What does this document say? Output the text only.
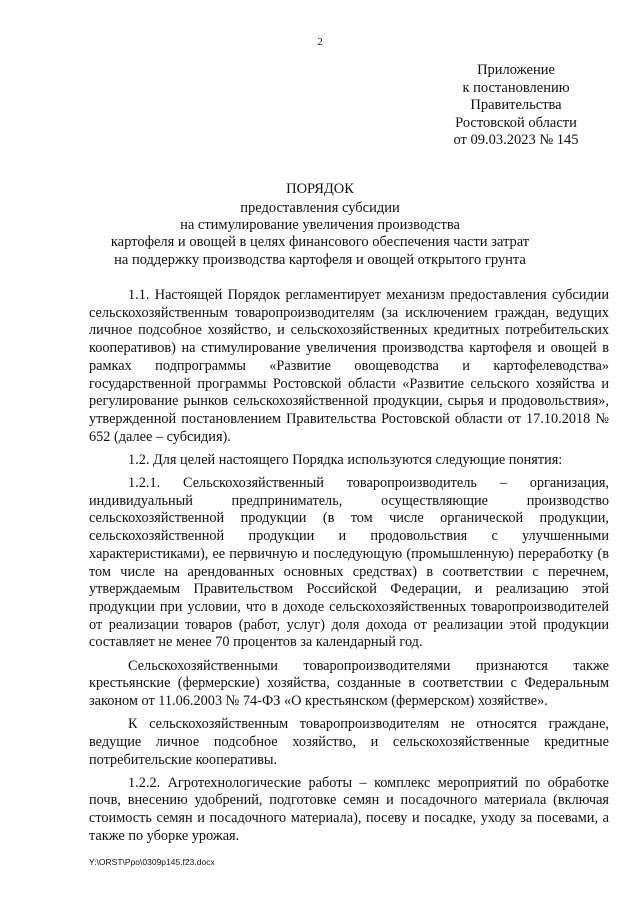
2
Приложение
к постановлению
Правительства
Ростовской области
от 09.03.2023 № 145
ПОРЯДОК
предоставления субсидии
на стимулирование увеличения производства
картофеля и овощей в целях финансового обеспечения части затрат
на поддержку производства картофеля и овощей открытого грунта

1.1. Настоящей Порядок регламентирует механизм предоставления субсидии сельскохозяйственным товаропроизводителям (за исключением граждан, ведущих личное подсобное хозяйство, и сельскохозяйственных кредитных потребительских кооперативов) на стимулирование увеличения производства картофеля и овощей в рамках подпрограммы «Развитие овощеводства и картофелеводства» государственной программы Ростовской области «Развитие сельского хозяйства и регулирование рынков сельскохозяйственной продукции, сырья и продовольствия», утвержденной постановлением Правительства Ростовской области от 17.10.2018 № 652 (далее – субсидия).

1.2. Для целей настоящего Порядка используются следующие понятия:

1.2.1. Сельскохозяйственный товаропроизводитель – организация, индивидуальный предприниматель, осуществляющие производство сельскохозяйственной продукции (в том числе органической продукции, сельскохозяйственной продукции и продовольствия с улучшенными характеристиками), ее первичную и последующую (промышленную) переработку (в том числе на арендованных основных средствах) в соответствии с перечнем, утверждаемым Правительством Российской Федерации, и реализацию этой продукции при условии, что в доходе сельскохозяйственных товаропроизводителей от реализации товаров (работ, услуг) доля дохода от реализации этой продукции составляет не менее 70 процентов за календарный год.

Сельскохозяйственными товаропроизводителями признаются также крестьянские (фермерские) хозяйства, созданные в соответствии с Федеральным законом от 11.06.2003 № 74-ФЗ «О крестьянском (фермерском) хозяйстве».

К сельскохозяйственным товаропроизводителям не относятся граждане, ведущие личное подсобное хозяйство, и сельскохозяйственные кредитные потребительские кооперативы.

1.2.2. Агротехнологические работы – комплекс мероприятий по обработке почв, внесению удобрений, подготовке семян и посадочного материала (включая стоимость семян и посадочного материала), посеву и посадке, уходу за посевами, а также по уборке урожая.

Y:\ORST\Ppo\0309p145.f23.docx
